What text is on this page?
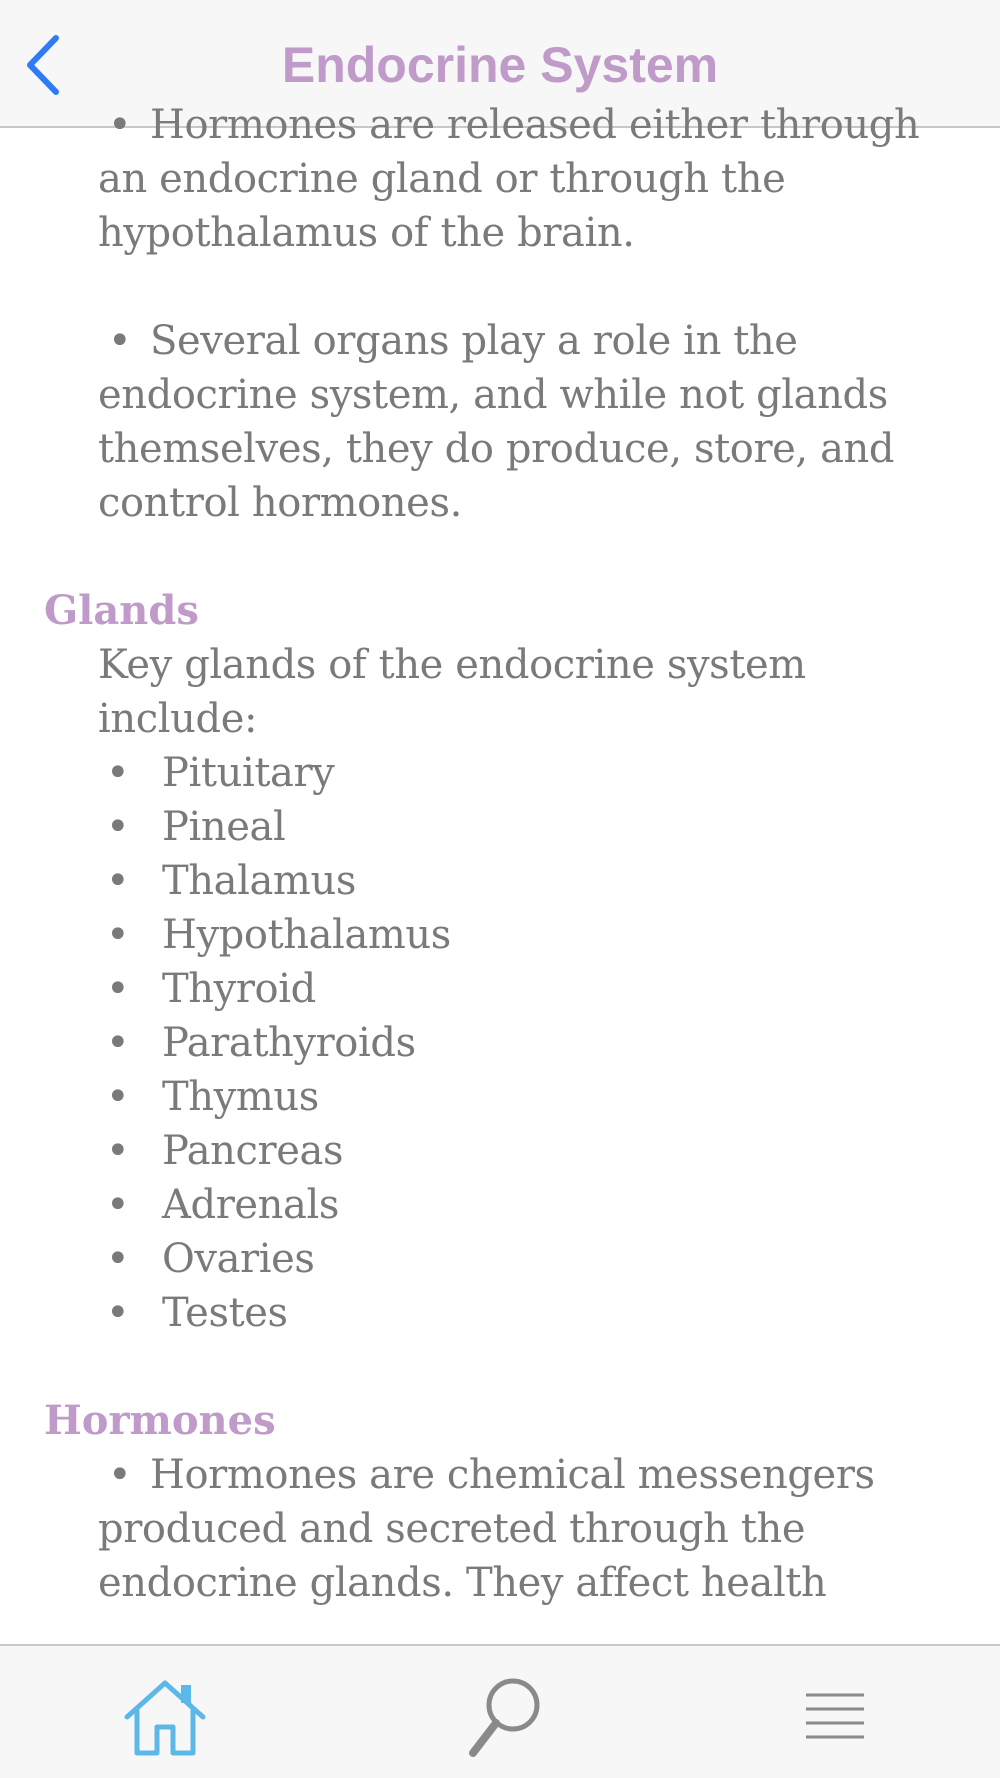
Endocrine System

• Hormones are released either through an endocrine gland or through the hypothalamus of the brain.

• Several organs play a role in the endocrine system, and while not glands themselves, they do produce, store, and control hormones.

Glands

Key glands of the endocrine system include:

• Pituitary
• Pineal
• Thalamus
• Hypothalamus
• Thyroid
• Parathyroids
• Thymus
• Pancreas
• Adrenals
• Ovaries
• Testes
Hormones

• Hormones are chemical messengers produced and secreted through the endocrine glands. They affect health
